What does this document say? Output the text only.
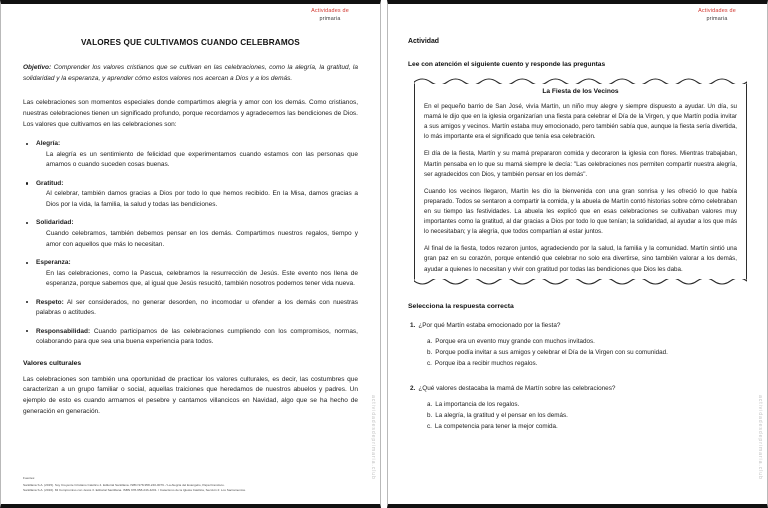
Actividades de
primaria
VALORES QUE CULTIVAMOS CUANDO CELEBRAMOS

Objetivo: Comprender los valores cristianos que se cultivan en las celebraciones, como la alegría, la gratitud, la solidaridad y la esperanza, y aprender cómo estos valores nos acercan a Dios y a los demás.

Las celebraciones son momentos especiales donde compartimos alegría y amor con los demás. Como cristianos, nuestras celebraciones tienen un significado profundo, porque recordamos y agradecemos las bendiciones de Dios. Los valores que cultivamos en las celebraciones son:

Alegría:
La alegría es un sentimiento de felicidad que experimentamos cuando estamos con las personas que amamos o cuando suceden cosas buenas.
Gratitud:
Al celebrar, también damos gracias a Dios por todo lo que hemos recibido. En la Misa, damos gracias a Dios por la vida, la familia, la salud y todas las bendiciones.
Solidaridad:
Cuando celebramos, también debemos pensar en los demás. Compartimos nuestros regalos, tiempo y amor con aquellos que más lo necesitan.
Esperanza:
En las celebraciones, como la Pascua, celebramos la resurrección de Jesús. Este evento nos llena de esperanza, porque sabemos que, al igual que Jesús resucitó, también nosotros podemos tener vida nueva.
Respeto: Al ser considerados, no generar desorden, no incomodar u ofender a los demás con nuestras palabras o actitudes.
Responsabilidad: Cuando participamos de las celebraciones cumpliendo con los compromisos, normas, colaborando para que sea una buena experiencia para todos.
Valores culturales

Las celebraciones son también una oportunidad de practicar los valores culturales, es decir, las costumbres que caracterizan a un grupo familiar o social, aquellas traiciones que heredamos de nuestros abuelos y padres. Un ejemplo de esto es cuando armamos el pesebre y cantamos villancicos en Navidad, algo que se ha hecho de generación en generación.

Fuentes:
Santillana S.A. (2015). Soy Creyente Cristiano Católico 4. Editorial Santillana. ISBN 978-958-240-0079. / La Alegría del Evangelio, Papa Francisco.
Santillana S.A. (2016). Mi Compromiso con Jesús 3. Editorial Santillana. ISBN 978-958-243-4201. / Catecismo de la Iglesia Católica, Sección 2: Los Sacramentos.
actividadesdeprimaria.club
Actividades de
primaria
Actividad
Lee con atención el siguiente cuento y responde las preguntas
La Fiesta de los Vecinos

En el pequeño barrio de San José, vivía Martín, un niño muy alegre y siempre dispuesto a ayudar. Un día, su mamá le dijo que en la iglesia organizarían una fiesta para celebrar el Día de la Virgen, y que Martín podía invitar a sus amigos y vecinos. Martín estaba muy emocionado, pero también sabía que, aunque la fiesta sería divertida, lo más importante era el significado que tenía esa celebración.

El día de la fiesta, Martín y su mamá prepararon comida y decoraron la iglesia con flores. Mientras trabajaban, Martín pensaba en lo que su mamá siempre le decía: "Las celebraciones nos permiten compartir nuestra alegría, ser agradecidos con Dios, y también pensar en los demás".

Cuando los vecinos llegaron, Martín les dio la bienvenida con una gran sonrisa y les ofreció lo que había preparado. Todos se sentaron a compartir la comida, y la abuela de Martín contó historias sobre cómo celebraban en su tiempo las festividades. La abuela les explicó que en esas celebraciones se cultivaban valores muy importantes como la gratitud, al dar gracias a Dios por todo lo que tenían; la solidaridad, al ayudar a los que más lo necesitaban; y la alegría, que todos compartían al estar juntos.

Al final de la fiesta, todos rezaron juntos, agradeciendo por la salud, la familia y la comunidad. Martín sintió una gran paz en su corazón, porque entendió que celebrar no solo era divertirse, sino también valorar a los demás, ayudar a quienes lo necesitan y vivir con gratitud por todas las bendiciones que Dios les daba.

Selecciona la respuesta correcta
1. ¿Por qué Martín estaba emocionado por la fiesta?
a. Porque era un evento muy grande con muchos invitados.
b. Porque podía invitar a sus amigos y celebrar el Día de la Virgen con su comunidad.
c. Porque iba a recibir muchos regalos.
2. ¿Qué valores destacaba la mamá de Martín sobre las celebraciones?
a. La importancia de los regalos.
b. La alegría, la gratitud y el pensar en los demás.
c. La competencia para tener la mejor comida.	actividadesdeprimaria.club
